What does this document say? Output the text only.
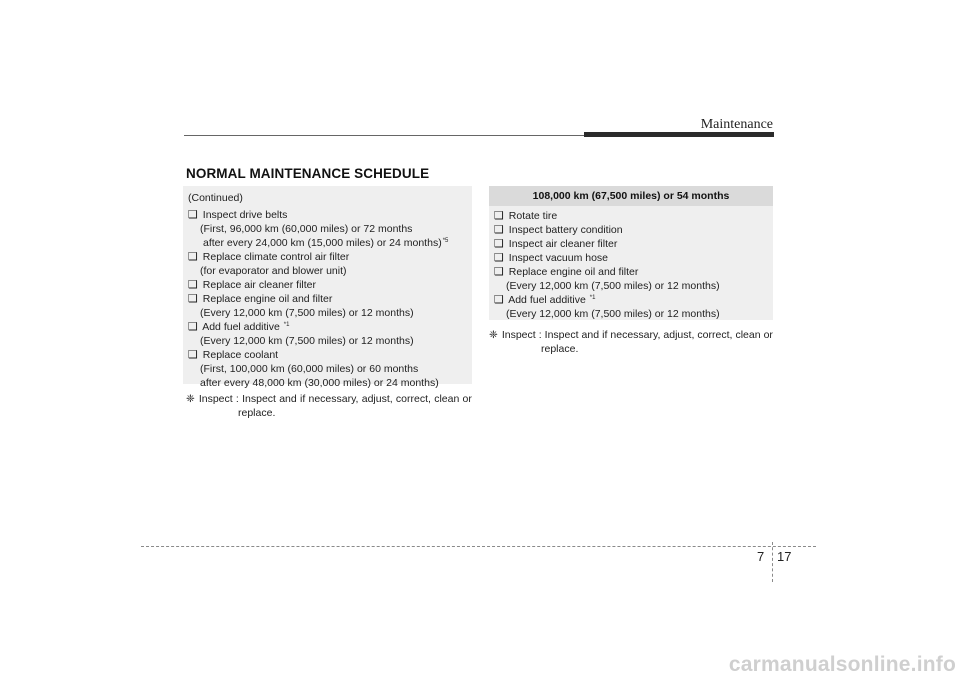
Maintenance
NORMAL MAINTENANCE SCHEDULE
(Continued)
❑ Inspect drive belts
(First, 96,000 km (60,000 miles) or 72 months
after every 24,000 km (15,000 miles) or 24 months)$^{*5}$
❑ Replace climate control air filter
(for evaporator and blower unit)
❑ Replace air cleaner filter
❑ Replace engine oil and filter
(Every 12,000 km (7,500 miles) or 12 months)
❑ Add fuel additive $^{*1}$
(Every 12,000 km (7,500 miles) or 12 months)
❑ Replace coolant
(First, 100,000 km (60,000 miles) or 60 months
after every 48,000 km (30,000 miles) or 24 months)
❈ Inspect : Inspect and if necessary, adjust, correct, clean or
replace.
108,000 km (67,500 miles) or 54 months
❑ Rotate tire
❑ Inspect battery condition
❑ Inspect air cleaner filter
❑ Inspect vacuum hose
❑ Replace engine oil and filter
(Every 12,000 km (7,500 miles) or 12 months)
❑ Add fuel additive $^{*1}$
(Every 12,000 km (7,500 miles) or 12 months)
❈ Inspect : Inspect and if necessary, adjust, correct, clean or
replace.
7 17
carmanualsonline.info
